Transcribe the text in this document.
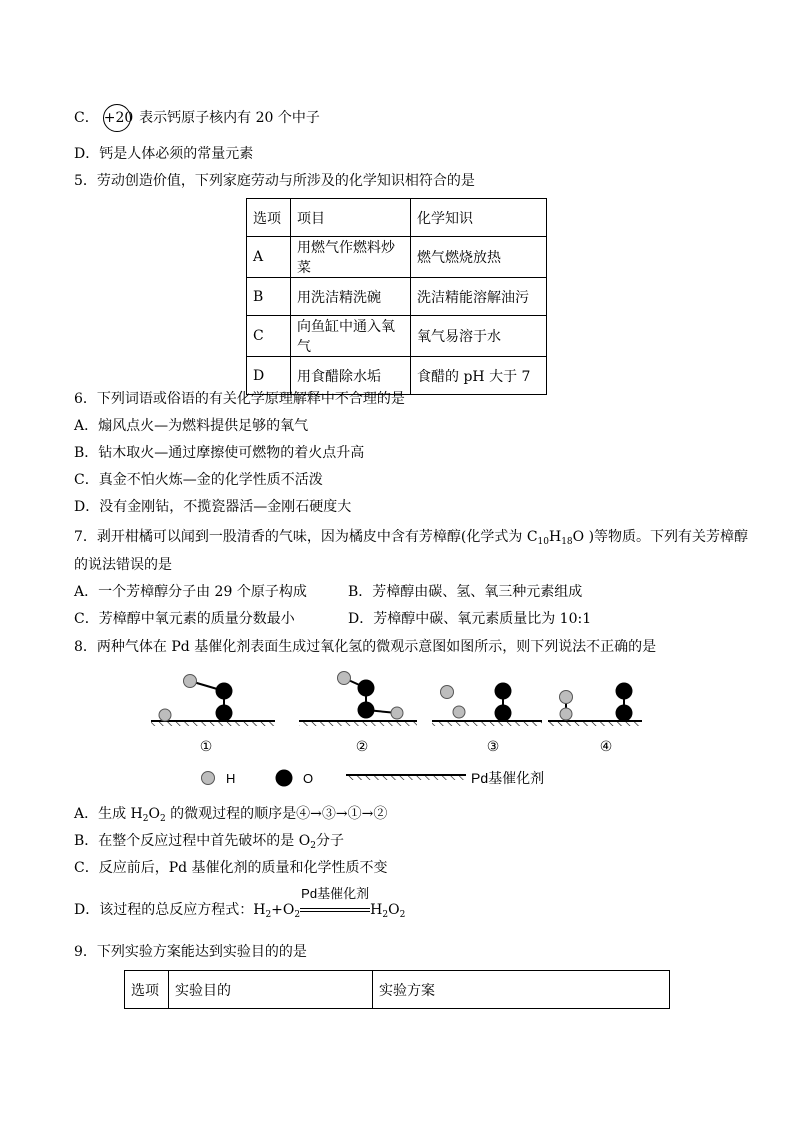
C． +20 表示钙原子核内有 20 个中子
D．钙是人体必须的常量元素
5．劳动创造价值，下列家庭劳动与所涉及的化学知识相符合的是
选项	项目	化学知识
A	用燃气作燃料炒菜	燃气燃烧放热
B	用洗洁精洗碗	洗洁精能溶解油污
C	向鱼缸中通入氧气	氧气易溶于水
D	用食醋除水垢	食醋的 pH 大于 7
6．下列词语或俗语的有关化学原理解释中不合理的是
A．煽风点火—为燃料提供足够的氧气
B．钻木取火—通过摩擦使可燃物的着火点升高
C．真金不怕火炼—金的化学性质不活泼
D．没有金刚钻，不揽瓷器活—金刚石硬度大
7．剥开柑橘可以闻到一股清香的气味，因为橘皮中含有芳樟醇(化学式为 $C_{10}H_{18}O$ )等物质。下列有关芳樟醇
的说法错误的是
A．一个芳樟醇分子由 29 个原子构成	B．芳樟醇由碳、氢、氧三种元素组成
C．芳樟醇中氧元素的质量分数最小	D．芳樟醇中碳、氧元素质量比为 10:1
8．两种气体在 Pd 基催化剂表面生成过氧化氢的微观示意图如图所示，则下列说法不正确的是
①	②	③	④
H	O	Pd基催化剂
A．生成 $H_2O_2$ 的微观过程的顺序是④→③→①→②
B．在整个反应过程中首先破坏的是 $O_2$分子
C．反应前后，Pd 基催化剂的质量和化学性质不变
D．该过程的总反应方程式：$H_2+O_2$
Pd基催化剂
$H_2O_2$
9．下列实验方案能达到实验目的的是
选项	实验目的	实验方案
